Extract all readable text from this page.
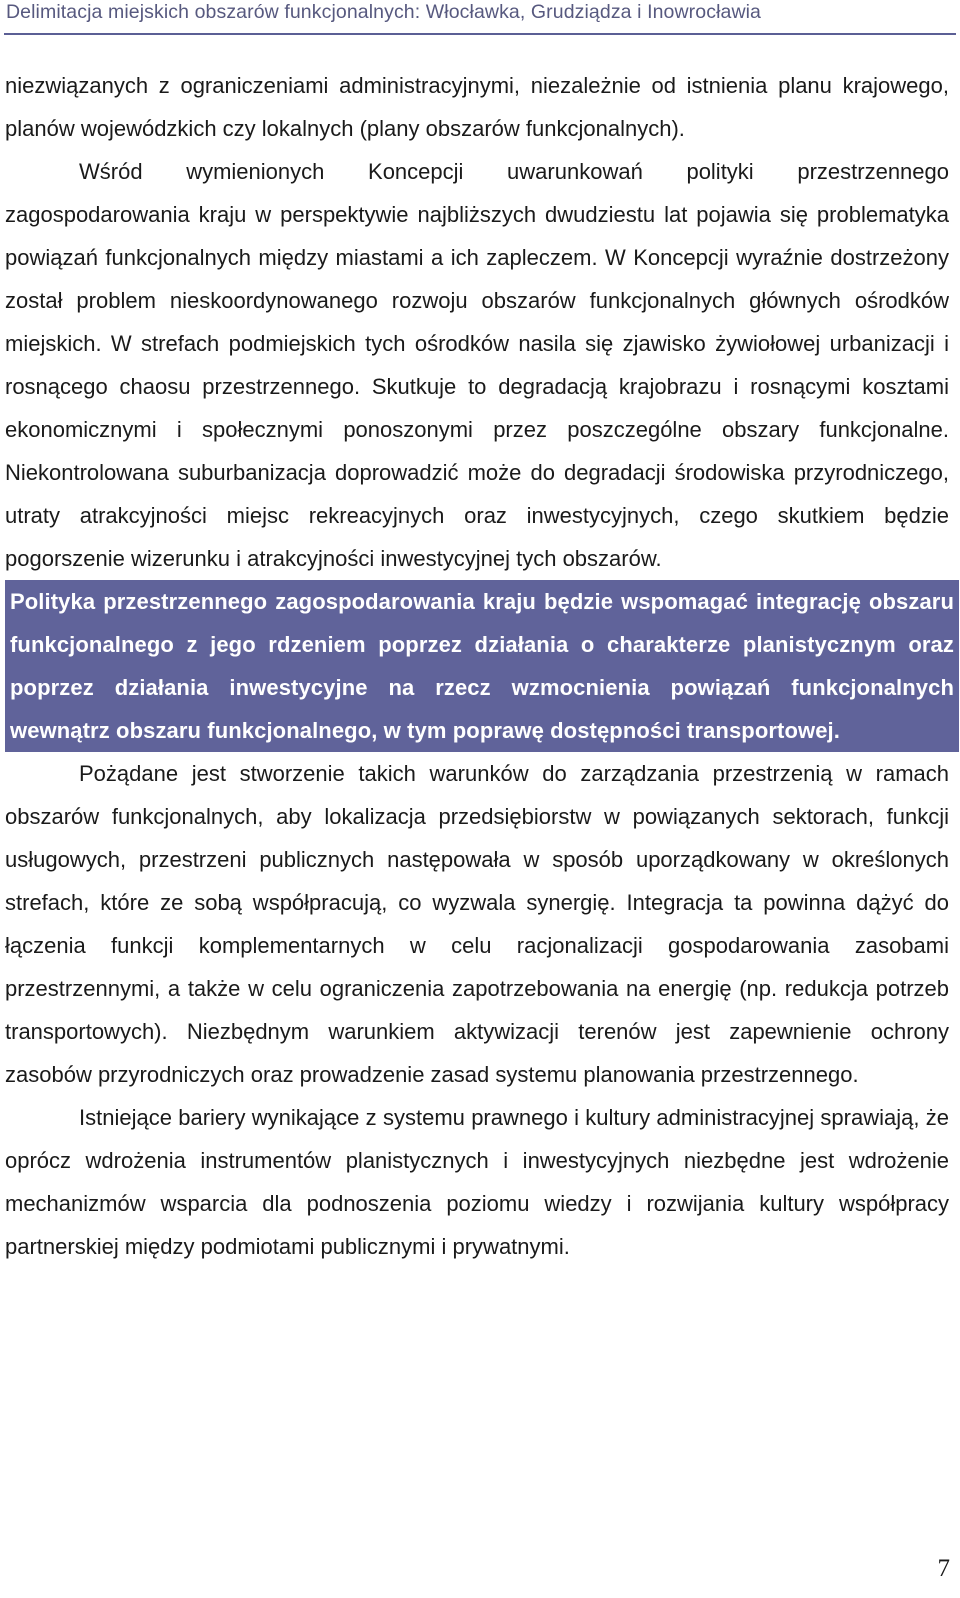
Delimitacja miejskich obszarów funkcjonalnych: Włocławka, Grudziądza i Inowrocławia

niezwiązanych z ograniczeniami administracyjnymi, niezależnie od istnienia planu krajowego, planów wojewódzkich czy lokalnych (plany obszarów funkcjonalnych).

Wśród wymienionych Koncepcji uwarunkowań polityki przestrzennego zagospodarowania kraju w perspektywie najbliższych dwudziestu lat pojawia się problematyka powiązań funkcjonalnych między miastami a ich zapleczem. W Koncepcji wyraźnie dostrzeżony został problem nieskoordynowanego rozwoju obszarów funkcjonalnych głównych ośrodków miejskich. W strefach podmiejskich tych ośrodków nasila się zjawisko żywiołowej urbanizacji i rosnącego chaosu przestrzennego. Skutkuje to degradacją krajobrazu i rosnącymi kosztami ekonomicznymi i społecznymi ponoszonymi przez poszczególne obszary funkcjonalne. Niekontrolowana suburbanizacja doprowadzić może do degradacji środowiska przyrodniczego, utraty atrakcyjności miejsc rekreacyjnych oraz inwestycyjnych, czego skutkiem będzie pogorszenie wizerunku i atrakcyjności inwestycyjnej tych obszarów.

Polityka przestrzennego zagospodarowania kraju będzie wspomagać integrację obszaru funkcjonalnego z jego rdzeniem poprzez działania o charakterze planistycznym oraz poprzez działania inwestycyjne na rzecz wzmocnienia powiązań funkcjonalnych wewnątrz obszaru funkcjonalnego, w tym poprawę dostępności transportowej.

Pożądane jest stworzenie takich warunków do zarządzania przestrzenią w ramach obszarów funkcjonalnych, aby lokalizacja przedsiębiorstw w powiązanych sektorach, funkcji usługowych, przestrzeni publicznych następowała w sposób uporządkowany w określonych strefach, które ze sobą współpracują, co wyzwala synergię. Integracja ta powinna dążyć do łączenia funkcji komplementarnych w celu racjonalizacji gospodarowania zasobami przestrzennymi, a także w celu ograniczenia zapotrzebowania na energię (np. redukcja potrzeb transportowych). Niezbędnym warunkiem aktywizacji terenów jest zapewnienie ochrony zasobów przyrodniczych oraz prowadzenie zasad systemu planowania przestrzennego.

Istniejące bariery wynikające z systemu prawnego i kultury administracyjnej sprawiają, że oprócz wdrożenia instrumentów planistycznych i inwestycyjnych niezbędne jest wdrożenie mechanizmów wsparcia dla podnoszenia poziomu wiedzy i rozwijania kultury współpracy partnerskiej między podmiotami publicznymi i prywatnymi.

7
